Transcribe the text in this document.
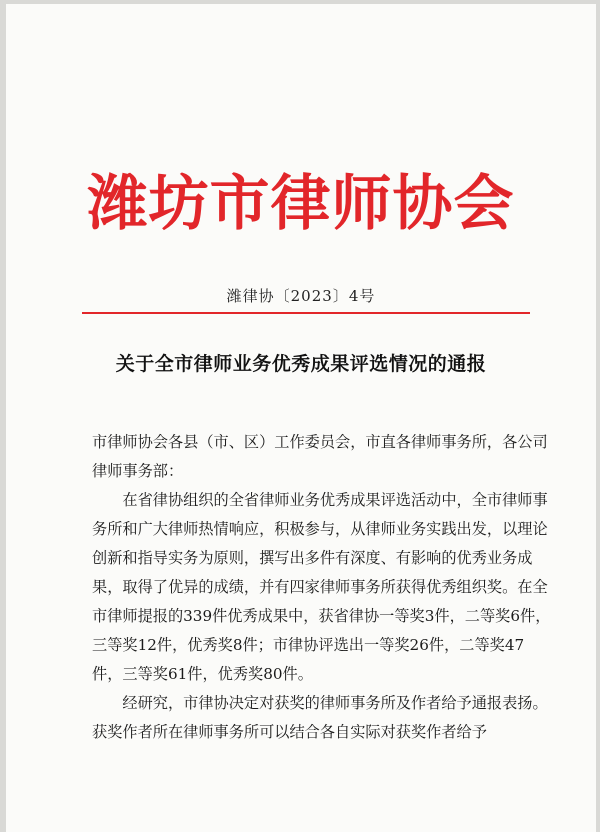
潍坊市律师协会
潍律协〔2023〕4号
关于全市律师业务优秀成果评选情况的通报

市律师协会各县（市、区）工作委员会，市直各律师事务所，各公司律师事务部：

在省律协组织的全省律师业务优秀成果评选活动中，全市律师事务所和广大律师热情响应，积极参与，从律师业务实践出发，以理论创新和指导实务为原则，撰写出多件有深度、有影响的优秀业务成果，取得了优异的成绩，并有四家律师事务所获得优秀组织奖。在全市律师提报的339件优秀成果中，获省律协一等奖3件，二等奖6件，三等奖12件，优秀奖8件；市律协评选出一等奖26件，二等奖47件，三等奖61件，优秀奖80件。

经研究，市律协决定对获奖的律师事务所及作者给予通报表扬。获奖作者所在律师事务所可以结合各自实际对获奖作者给予
